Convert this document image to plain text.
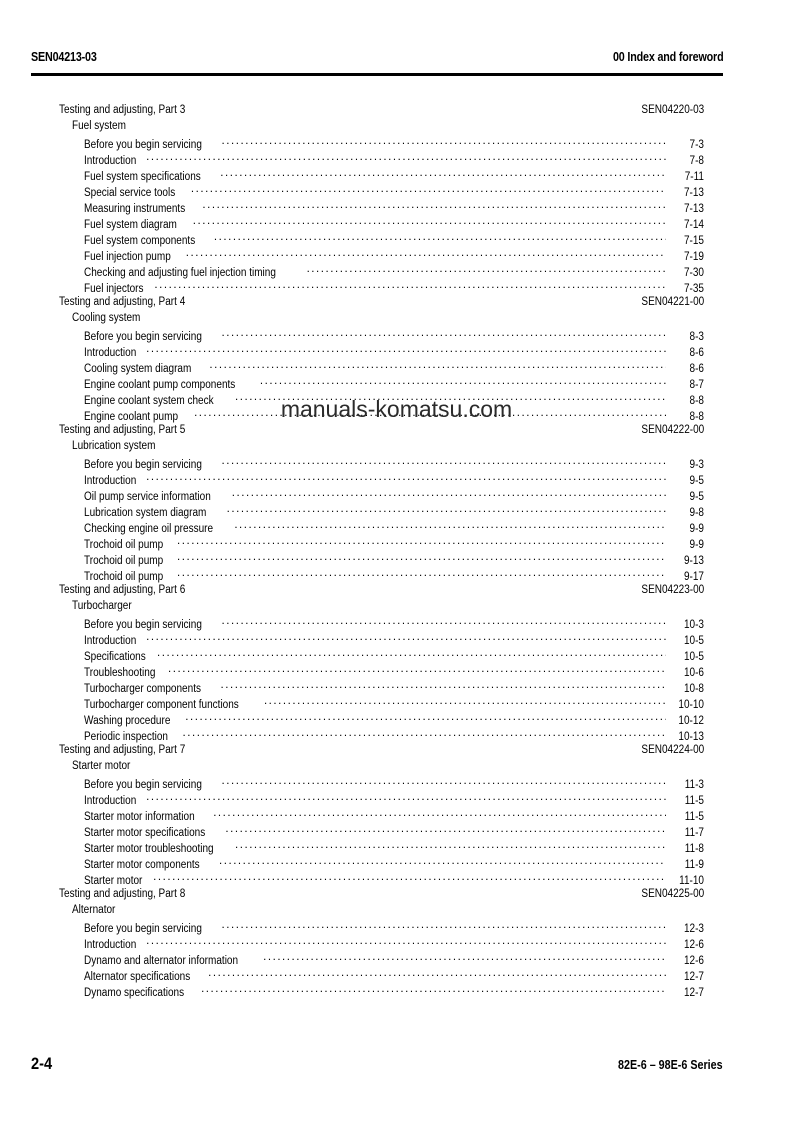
SEN04213-03	00 Index and foreword
Testing and adjusting, Part 3	SEN04220-03
Fuel system
Before you begin servicing .....	7-3
Introduction .....	7-8
Fuel system specifications .....	7-11
Special service tools .....	7-13
Measuring instruments .....	7-13
Fuel system diagram .....	7-14
Fuel system components .....	7-15
Fuel injection pump .....	7-19
Checking and adjusting fuel injection timing .....	7-30
Fuel injectors .....	7-35
Testing and adjusting, Part 4	SEN04221-00
Cooling system
Before you begin servicing .....	8-3
Introduction .....	8-6
Cooling system diagram .....	8-6
Engine coolant pump components .....	8-7
Engine coolant system check .....	8-8
Engine coolant pump .....	8-8
Testing and adjusting, Part 5	SEN04222-00
Lubrication system
Before you begin servicing .....	9-3
Introduction .....	9-5
Oil pump service information .....	9-5
Lubrication system diagram .....	9-8
Checking engine oil pressure .....	9-9
Trochoid oil pump .....	9-9
Trochoid oil pump .....	9-13
Trochoid oil pump .....	9-17
Testing and adjusting, Part 6	SEN04223-00
Turbocharger
Before you begin servicing .....	10-3
Introduction .....	10-5
Specifications .....	10-5
Troubleshooting .....	10-6
Turbocharger components .....	10-8
Turbocharger component functions .....	10-10
Washing procedure .....	10-12
Periodic inspection .....	10-13
Testing and adjusting, Part 7	SEN04224-00
Starter motor
Before you begin servicing .....	11-3
Introduction .....	11-5
Starter motor information .....	11-5
Starter motor specifications .....	11-7
Starter motor troubleshooting .....	11-8
Starter motor components .....	11-9
Starter motor .....	11-10
Testing and adjusting, Part 8	SEN04225-00
Alternator
Before you begin servicing .....	12-3
Introduction .....	12-6
Dynamo and alternator information .....	12-6
Alternator specifications .....	12-7
Dynamo specifications .....	12-7
manuals-komatsu.com
2-4	82E-6 – 98E-6 Series
